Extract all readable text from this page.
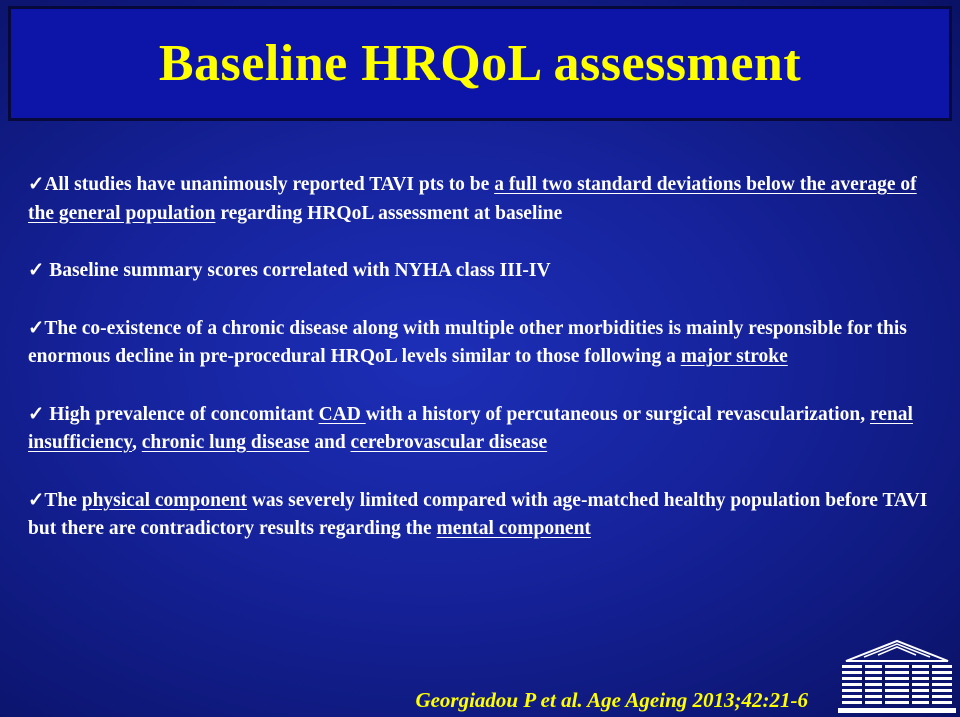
Baseline HRQoL assessment

✓All studies have unanimously reported TAVI pts to be a full two standard deviations below the average of the general population regarding HRQoL assessment at baseline

✓ Baseline summary scores correlated with NYHA class III-IV

✓The co-existence of a chronic disease along with multiple other morbidities is mainly responsible for this enormous decline in pre-procedural HRQoL levels similar to those following a major stroke

✓ High prevalence of concomitant CAD with a history of percutaneous or surgical revascularization, renal insufficiency, chronic lung disease and cerebrovascular disease

✓The physical component was severely limited compared with age-matched healthy population before TAVI but there are contradictory results regarding the mental component

Georgiadou P et al. Age Ageing 2013;42:21-6
